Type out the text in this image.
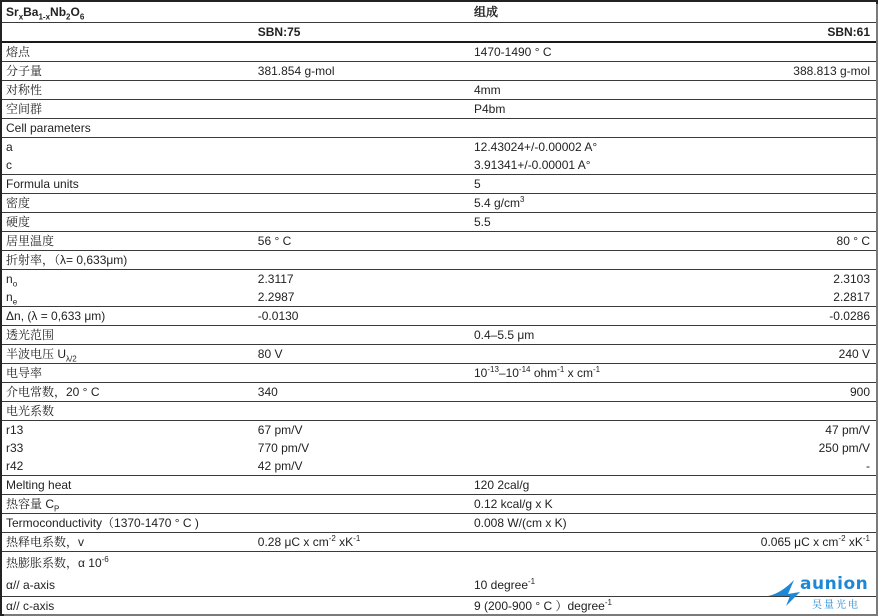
$Sr_xBa_{1-x}Nb_2O_6$		组成	
	SBN:75		SBN:61
熔点		1470-1490 ° C	
分子量	381.854 g-mol		388.813 g-mol
对称性		4mm	
空间群		P4bm	
Cell parameters			
a		12.43024+/-0.00002 A°	
c		3.91341+/-0.00001 A°	
Formula units		5	
密度		5.4 $g/cm^3$	
硬度		5.5	
居里温度	56 ° C		80 ° C
折射率，（λ= 0,633μm)			
$n_o$	2.3117		2.3103
$n_e$	2.2987		2.2817
Δn, (λ = 0,633 μm)	-0.0130		-0.0286
透光范围		0.4–5.5 μm	
半波电压 $U_{\lambda/2}$	80 V		240 V
电导率		$10^{-13}-10^{-14}$ ohm$^{-1}$ x $cm^{-1}$	
介电常数，20 ° C	340		900
电光系数			
r13	67 pm/V		47 pm/V
r33	770 pm/V		250 pm/V
r42	42 pm/V		-
Melting heat		120 2cal/g	
热容量 $C_P$		0.12 kcal/g x K	
Termoconductivity（1370-1470 ° C )		0.008 W/(cm x K)	
热释电系数，v	0.28 μC x $cm^{-2}$ $xK^{-1}$		0.065 μC x $cm^{-2}$ $xK^{-1}$
热膨胀系数，α $10^{-6}$			
α// a-axis		10 degree$^{-1}$	
α// c-axis		9 (200-900 ° C ）degree$^{-1}$	
aunion
昊量光电
